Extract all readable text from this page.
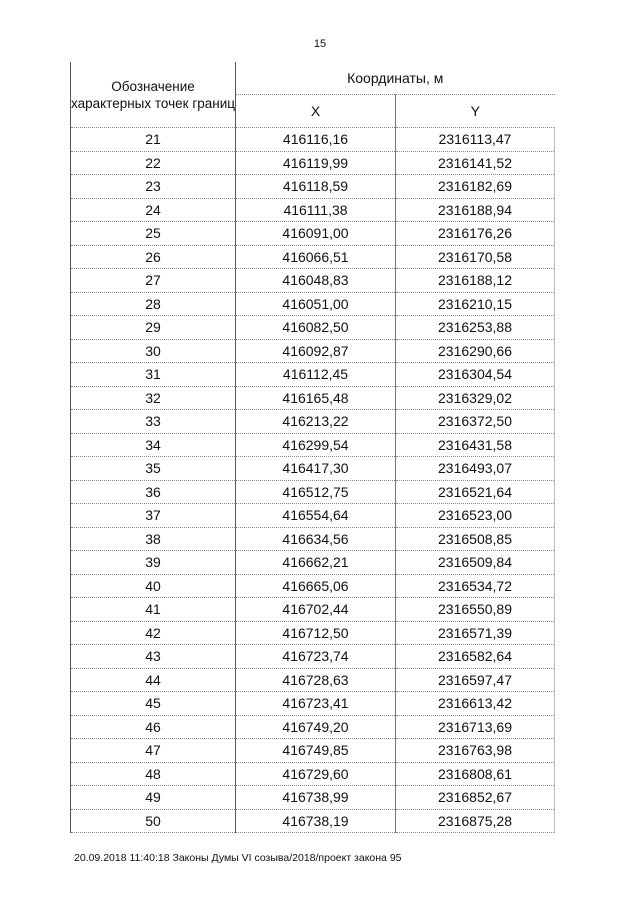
15
Обозначение характерных точек границ	Координаты, м	
	X	Y
21	416116,16	2316113,47
22	416119,99	2316141,52
23	416118,59	2316182,69
24	416111,38	2316188,94
25	416091,00	2316176,26
26	416066,51	2316170,58
27	416048,83	2316188,12
28	416051,00	2316210,15
29	416082,50	2316253,88
30	416092,87	2316290,66
31	416112,45	2316304,54
32	416165,48	2316329,02
33	416213,22	2316372,50
34	416299,54	2316431,58
35	416417,30	2316493,07
36	416512,75	2316521,64
37	416554,64	2316523,00
38	416634,56	2316508,85
39	416662,21	2316509,84
40	416665,06	2316534,72
41	416702,44	2316550,89
42	416712,50	2316571,39
43	416723,74	2316582,64
44	416728,63	2316597,47
45	416723,41	2316613,42
46	416749,20	2316713,69
47	416749,85	2316763,98
48	416729,60	2316808,61
49	416738,99	2316852,67
50	416738,19	2316875,28
20.09.2018 11:40:18 Законы Думы VI созыва/2018/проект закона 95
